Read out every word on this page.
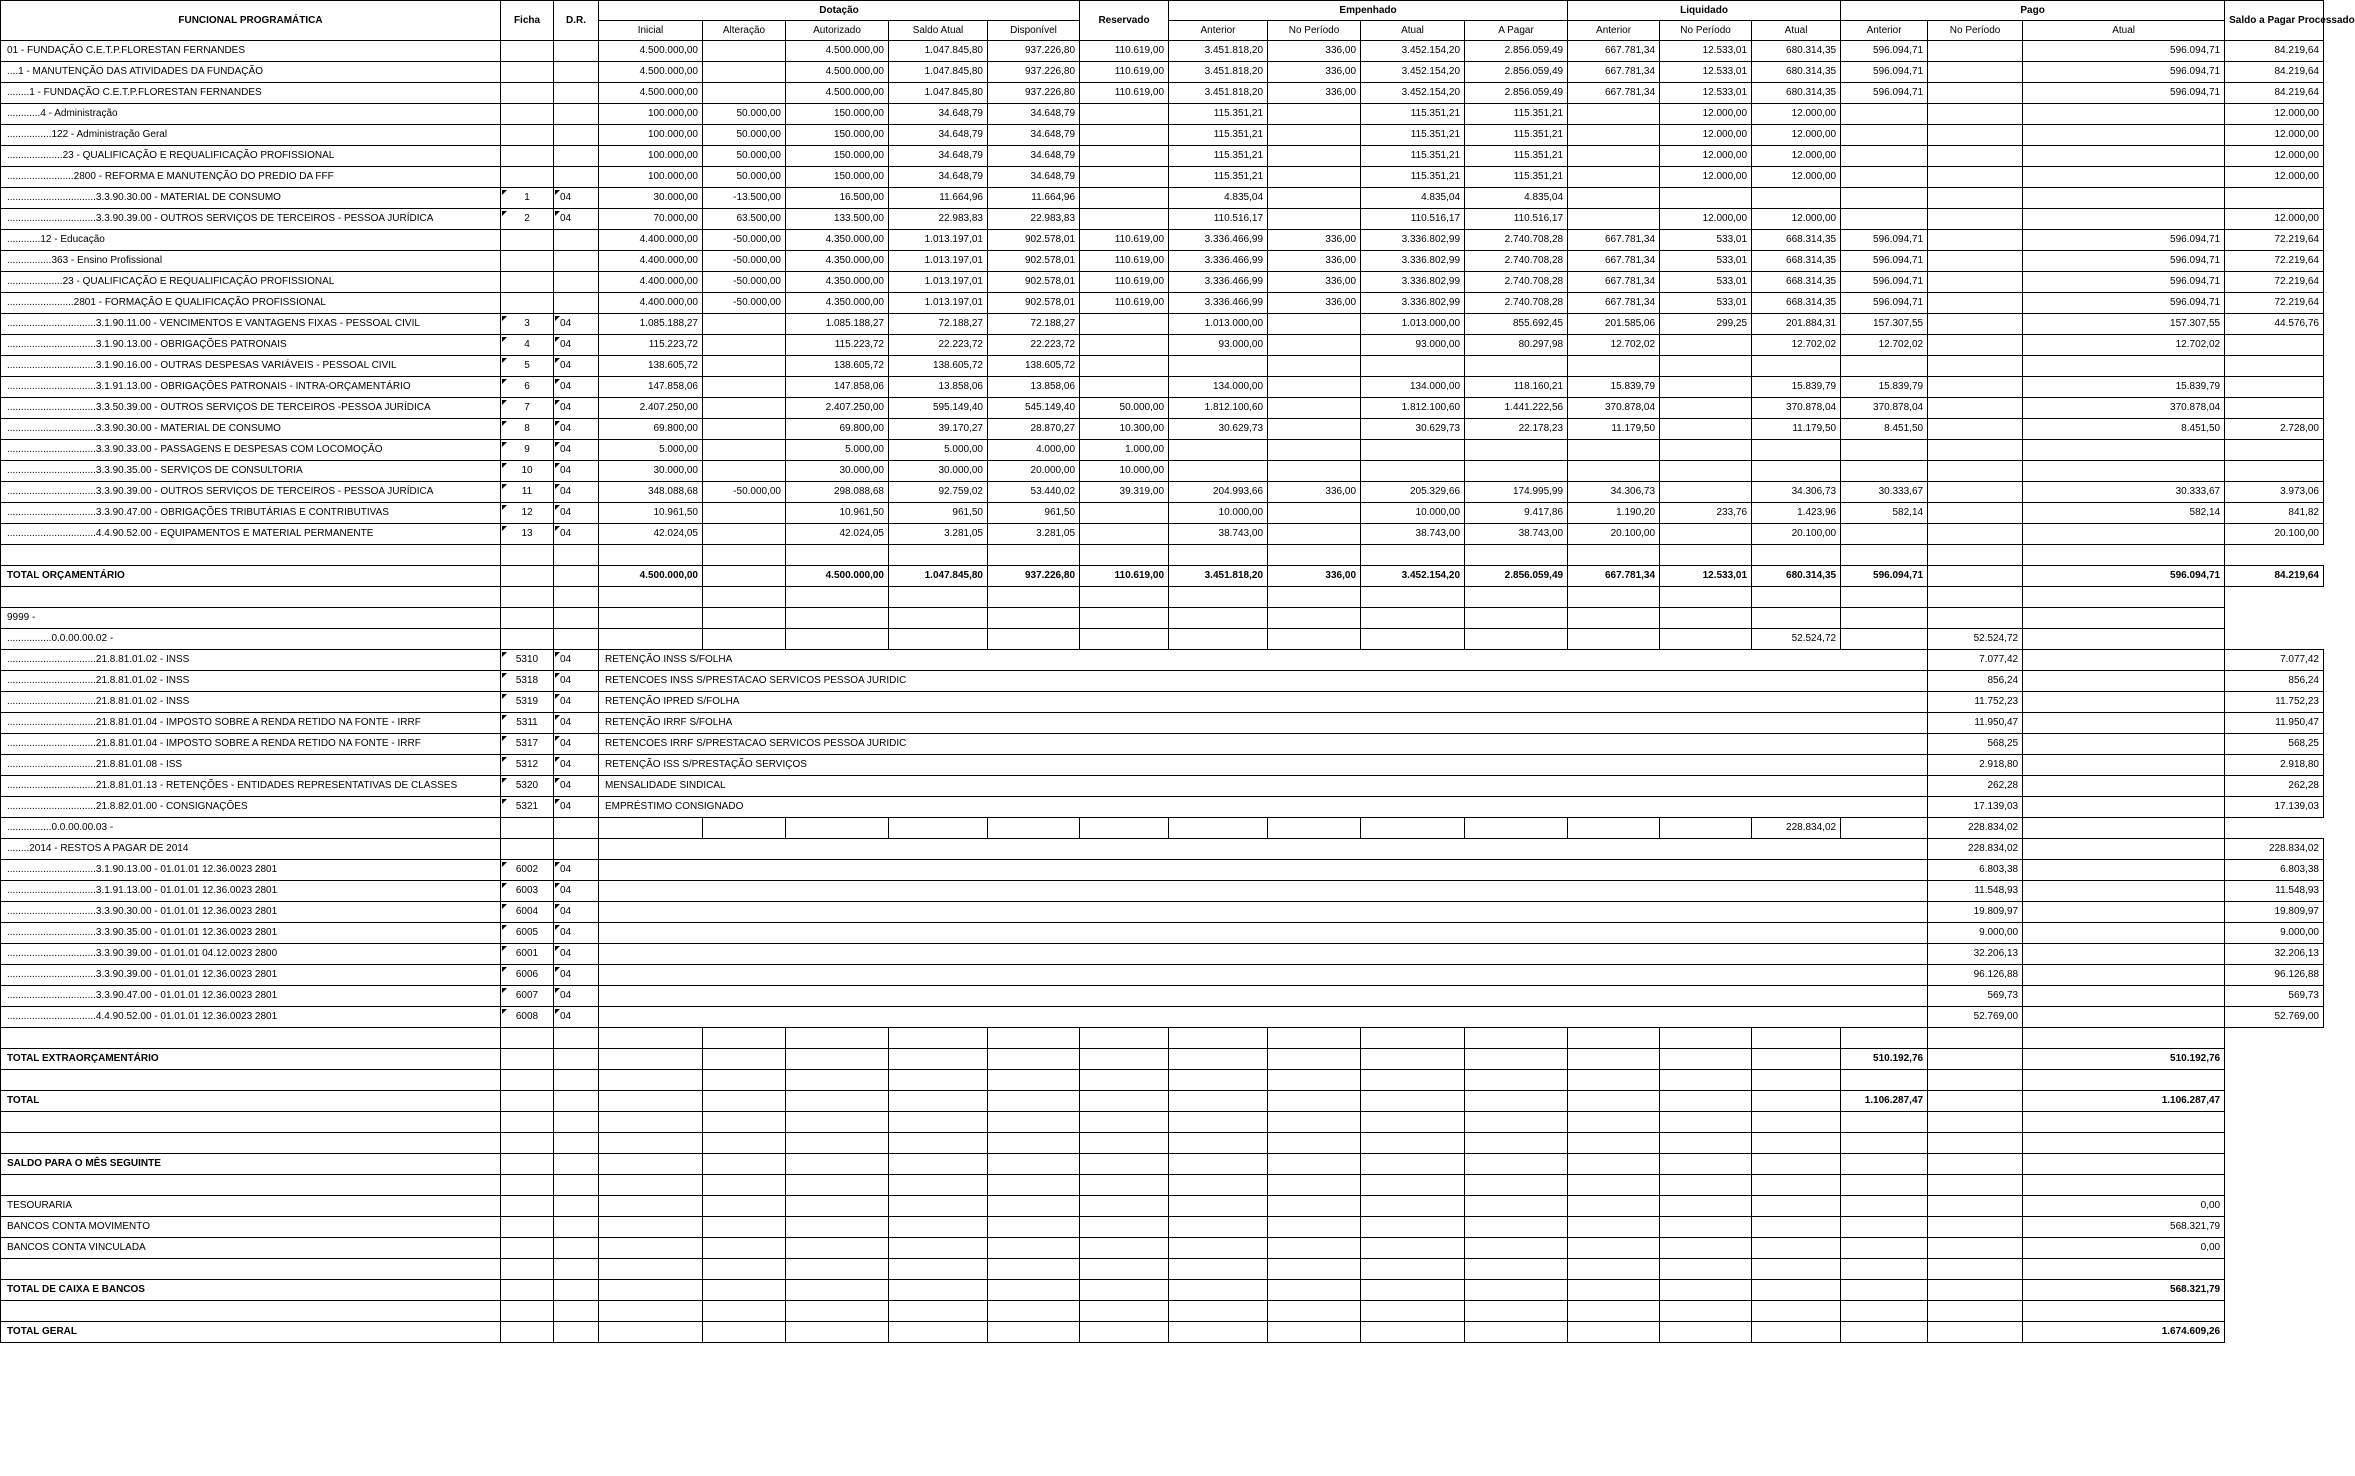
FUNCIONAL PROGRAMÁTICA	Ficha	D.R.	Dotação					Reservado	Empenhado				Liquidado			Pago			Saldo a Pagar Processado
			Inicial	Alteração	Autorizado	Saldo Atual	Disponível		Anterior	No Período	Atual	A Pagar	Anterior	No Período	Atual	Anterior	No Período	Atual	
01 - FUNDAÇÃO C.E.T.P.FLORESTAN FERNANDES			4.500.000,00		4.500.000,00	1.047.845,80	937.226,80	110.619,00	3.451.818,20	336,00	3.452.154,20	2.856.059,49	667.781,34	12.533,01	680.314,35	596.094,71		596.094,71	84.219,64
....1 - MANUTENÇÃO DAS ATIVIDADES DA FUNDAÇÃO			4.500.000,00		4.500.000,00	1.047.845,80	937.226,80	110.619,00	3.451.818,20	336,00	3.452.154,20	2.856.059,49	667.781,34	12.533,01	680.314,35	596.094,71		596.094,71	84.219,64
........1 - FUNDAÇÃO C.E.T.P.FLORESTAN FERNANDES			4.500.000,00		4.500.000,00	1.047.845,80	937.226,80	110.619,00	3.451.818,20	336,00	3.452.154,20	2.856.059,49	667.781,34	12.533,01	680.314,35	596.094,71		596.094,71	84.219,64
............4 - Administração			100.000,00	50.000,00	150.000,00	34.648,79	34.648,79		115.351,21		115.351,21	115.351,21		12.000,00	12.000,00				12.000,00
................122 - Administração Geral			100.000,00	50.000,00	150.000,00	34.648,79	34.648,79		115.351,21		115.351,21	115.351,21		12.000,00	12.000,00				12.000,00
....................23 - QUALIFICAÇÃO E REQUALIFICAÇÃO PROFISSIONAL			100.000,00	50.000,00	150.000,00	34.648,79	34.648,79		115.351,21		115.351,21	115.351,21		12.000,00	12.000,00				12.000,00
........................2800 - REFORMA E MANUTENÇÃO DO PREDIO DA FFF			100.000,00	50.000,00	150.000,00	34.648,79	34.648,79		115.351,21		115.351,21	115.351,21		12.000,00	12.000,00				12.000,00
................................3.3.90.30.00 - MATERIAL DE CONSUMO	1	04	30.000,00	-13.500,00	16.500,00	11.664,96	11.664,96		4.835,04		4.835,04	4.835,04							
................................3.3.90.39.00 - OUTROS SERVIÇOS DE TERCEIROS - PESSOA JURÍDICA	2	04	70.000,00	63.500,00	133.500,00	22.983,83	22.983,83		110.516,17		110.516,17	110.516,17		12.000,00	12.000,00				12.000,00
............12 - Educação			4.400.000,00	-50.000,00	4.350.000,00	1.013.197,01	902.578,01	110.619,00	3.336.466,99	336,00	3.336.802,99	2.740.708,28	667.781,34	533,01	668.314,35	596.094,71		596.094,71	72.219,64
................363 - Ensino Profissional			4.400.000,00	-50.000,00	4.350.000,00	1.013.197,01	902.578,01	110.619,00	3.336.466,99	336,00	3.336.802,99	2.740.708,28	667.781,34	533,01	668.314,35	596.094,71		596.094,71	72.219,64
....................23 - QUALIFICAÇÃO E REQUALIFICAÇÃO PROFISSIONAL			4.400.000,00	-50.000,00	4.350.000,00	1.013.197,01	902.578,01	110.619,00	3.336.466,99	336,00	3.336.802,99	2.740.708,28	667.781,34	533,01	668.314,35	596.094,71		596.094,71	72.219,64
........................2801 - FORMAÇÃO E QUALIFICAÇÃO PROFISSIONAL			4.400.000,00	-50.000,00	4.350.000,00	1.013.197,01	902.578,01	110.619,00	3.336.466,99	336,00	3.336.802,99	2.740.708,28	667.781,34	533,01	668.314,35	596.094,71		596.094,71	72.219,64
................................3.1.90.11.00 - VENCIMENTOS E VANTAGENS FIXAS - PESSOAL CIVIL	3	04	1.085.188,27		1.085.188,27	72.188,27	72.188,27		1.013.000,00		1.013.000,00	855.692,45	201.585,06	299,25	201.884,31	157.307,55		157.307,55	44.576,76
................................3.1.90.13.00 - OBRIGAÇÕES PATRONAIS	4	04	115.223,72		115.223,72	22.223,72	22.223,72		93.000,00		93.000,00	80.297,98	12.702,02		12.702,02	12.702,02		12.702,02	
................................3.1.90.16.00 - OUTRAS DESPESAS VARIÁVEIS - PESSOAL CIVIL	5	04	138.605,72		138.605,72	138.605,72	138.605,72												
................................3.1.91.13.00 - OBRIGAÇÕES PATRONAIS - INTRA-ORÇAMENTÁRIO	6	04	147.858,06		147.858,06	13.858,06	13.858,06		134.000,00		134.000,00	118.160,21	15.839,79		15.839,79	15.839,79		15.839,79	
................................3.3.50.39.00 - OUTROS SERVIÇOS DE TERCEIROS -PESSOA JURÍDICA	7	04	2.407.250,00		2.407.250,00	595.149,40	545.149,40	50.000,00	1.812.100,60		1.812.100,60	1.441.222,56	370.878,04		370.878,04	370.878,04		370.878,04	
................................3.3.90.30.00 - MATERIAL DE CONSUMO	8	04	69.800,00		69.800,00	39.170,27	28.870,27	10.300,00	30.629,73		30.629,73	22.178,23	11.179,50		11.179,50	8.451,50		8.451,50	2.728,00
................................3.3.90.33.00 - PASSAGENS E DESPESAS COM LOCOMOÇÃO	9	04	5.000,00		5.000,00	5.000,00	4.000,00	1.000,00											
................................3.3.90.35.00 - SERVIÇOS DE CONSULTORIA	10	04	30.000,00		30.000,00	30.000,00	20.000,00	10.000,00											
................................3.3.90.39.00 - OUTROS SERVIÇOS DE TERCEIROS - PESSOA JURÍDICA	11	04	348.088,68	-50.000,00	298.088,68	92.759,02	53.440,02	39.319,00	204.993,66	336,00	205.329,66	174.995,99	34.306,73		34.306,73	30.333,67		30.333,67	3.973,06
................................3.3.90.47.00 - OBRIGAÇÕES TRIBUTÁRIAS E CONTRIBUTIVAS	12	04	10.961,50		10.961,50	961,50	961,50		10.000,00		10.000,00	9.417,86	1.190,20	233,76	1.423,96	582,14		582,14	841,82
................................4.4.90.52.00 - EQUIPAMENTOS E MATERIAL PERMANENTE	13	04	42.024,05		42.024,05	3.281,05	3.281,05		38.743,00		38.743,00	38.743,00	20.100,00		20.100,00				20.100,00

TOTAL ORÇAMENTÁRIO			4.500.000,00		4.500.000,00	1.047.845,80	937.226,80	110.619,00	3.451.818,20	336,00	3.452.154,20	2.856.059,49	667.781,34	12.533,01	680.314,35	596.094,71		596.094,71	84.219,64

9999 -																			
................0.0.00.00.02 -															52.524,72		52.524,72		
................................21.8.81.01.02 - INSS	5310	04	RETENÇÃO INSS S/FOLHA														7.077,42		7.077,42
................................21.8.81.01.02 - INSS	5318	04	RETENCOES INSS S/PRESTACAO SERVICOS PESSOA JURIDIC														856,24		856,24
................................21.8.81.01.02 - INSS	5319	04	RETENÇÃO IPRED S/FOLHA														11.752,23		11.752,23
................................21.8.81.01.04 - IMPOSTO SOBRE A RENDA RETIDO NA FONTE - IRRF	5311	04	RETENÇÃO IRRF S/FOLHA														11.950,47		11.950,47
................................21.8.81.01.04 - IMPOSTO SOBRE A RENDA RETIDO NA FONTE - IRRF	5317	04	RETENCOES IRRF S/PRESTACAO SERVICOS PESSOA JURIDIC														568,25		568,25
................................21.8.81.01.08 - ISS	5312	04	RETENÇÃO ISS S/PRESTAÇÃO SERVIÇOS														2.918,80		2.918,80
................................21.8.81.01.13 - RETENÇÕES - ENTIDADES REPRESENTATIVAS DE CLASSES	5320	04	MENSALIDADE SINDICAL														262,28		262,28
................................21.8.82.01.00 - CONSIGNAÇÕES	5321	04	EMPRÉSTIMO CONSIGNADO														17.139,03		17.139,03
................0.0.00.00.03 -															228.834,02		228.834,02		
........2014 - RESTOS A PAGAR DE 2014																	228.834,02		228.834,02
................................3.1.90.13.00 - 01.01.01 12.36.0023 2801	6002	04															6.803,38		6.803,38
................................3.1.91.13.00 - 01.01.01 12.36.0023 2801	6003	04															11.548,93		11.548,93
................................3.3.90.30.00 - 01.01.01 12.36.0023 2801	6004	04															19.809,97		19.809,97
................................3.3.90.35.00 - 01.01.01 12.36.0023 2801	6005	04															9.000,00		9.000,00
................................3.3.90.39.00 - 01.01.01 04.12.0023 2800	6001	04															32.206,13		32.206,13
................................3.3.90.39.00 - 01.01.01 12.36.0023 2801	6006	04															96.126,88		96.126,88
................................3.3.90.47.00 - 01.01.01 12.36.0023 2801	6007	04															569,73		569,73
................................4.4.90.52.00 - 01.01.01 12.36.0023 2801	6008	04															52.769,00		52.769,00

TOTAL EXTRAORÇAMENTÁRIO																510.192,76		510.192,76	

TOTAL																1.106.287,47		1.106.287,47	

SALDO PARA O MÊS SEGUINTE																			

TESOURARIA																		0,00	
BANCOS CONTA MOVIMENTO																		568.321,79	
BANCOS CONTA VINCULADA																		0,00	

TOTAL DE CAIXA E BANCOS																		568.321,79	

TOTAL GERAL																		1.674.609,26	
